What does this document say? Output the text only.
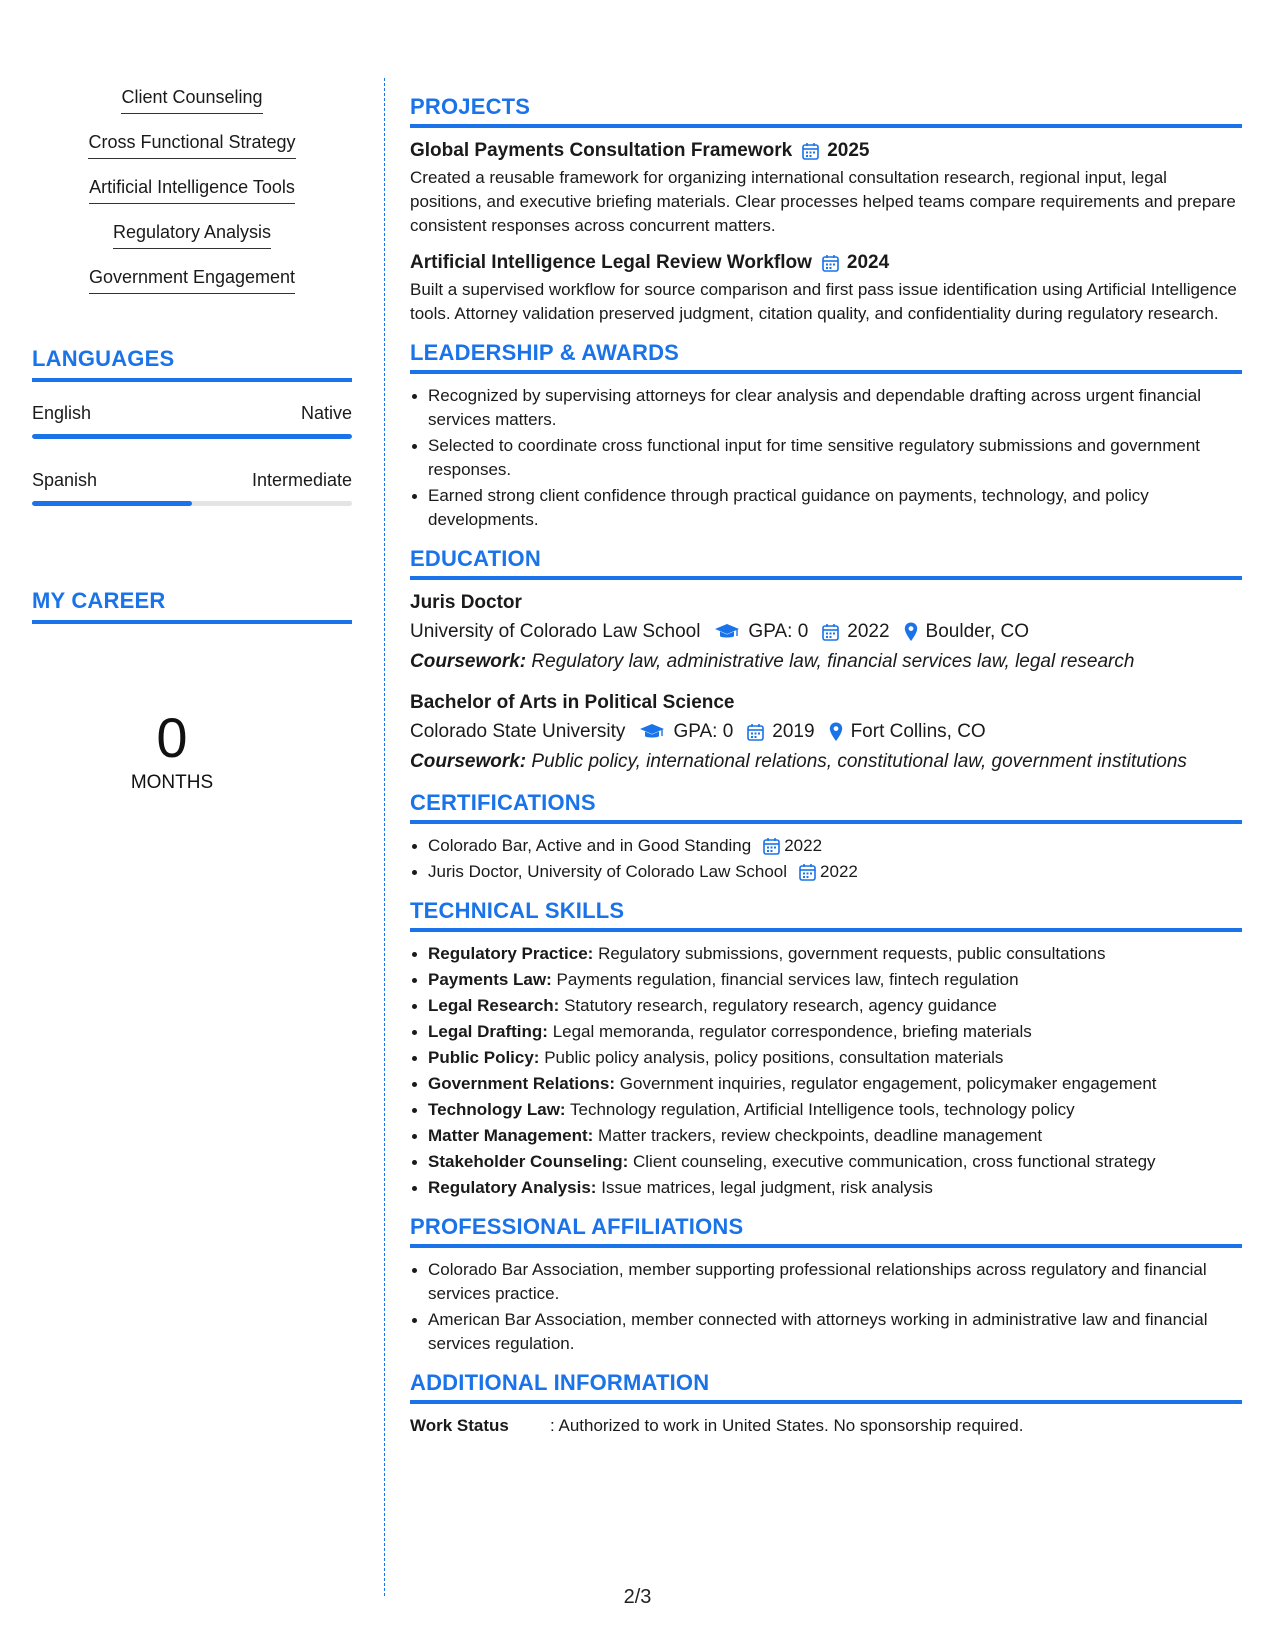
Client Counseling
Cross Functional Strategy
Artificial Intelligence Tools
Regulatory Analysis
Government Engagement
LANGUAGES
English	Native
Spanish	Intermediate
MY CAREER
0
MONTHS
PROJECTS
Global Payments Consultation Framework 2025
Created a reusable framework for organizing international consultation research, regional input, legal positions, and executive briefing materials. Clear processes helped teams compare requirements and prepare consistent responses across concurrent matters.
Artificial Intelligence Legal Review Workflow 2024
Built a supervised workflow for source comparison and first pass issue identification using Artificial Intelligence tools. Attorney validation preserved judgment, citation quality, and confidentiality during regulatory research.
LEADERSHIP & AWARDS
Recognized by supervising attorneys for clear analysis and dependable drafting across urgent financial services matters.
Selected to coordinate cross functional input for time sensitive regulatory submissions and government responses.
Earned strong client confidence through practical guidance on payments, technology, and policy developments.
EDUCATION
Juris Doctor
University of Colorado Law School	GPA: 0 2022 Boulder, CO
Coursework: Regulatory law, administrative law, financial services law, legal research
Bachelor of Arts in Political Science
Colorado State University	GPA: 0 2019 Fort Collins, CO
Coursework: Public policy, international relations, constitutional law, government institutions
CERTIFICATIONS
Colorado Bar, Active and in Good Standing 2022
Juris Doctor, University of Colorado Law School 2022
TECHNICAL SKILLS
Regulatory Practice: Regulatory submissions, government requests, public consultations
Payments Law: Payments regulation, financial services law, fintech regulation
Legal Research: Statutory research, regulatory research, agency guidance
Legal Drafting: Legal memoranda, regulator correspondence, briefing materials
Public Policy: Public policy analysis, policy positions, consultation materials
Government Relations: Government inquiries, regulator engagement, policymaker engagement
Technology Law: Technology regulation, Artificial Intelligence tools, technology policy
Matter Management: Matter trackers, review checkpoints, deadline management
Stakeholder Counseling: Client counseling, executive communication, cross functional strategy
Regulatory Analysis: Issue matrices, legal judgment, risk analysis
PROFESSIONAL AFFILIATIONS
Colorado Bar Association, member supporting professional relationships across regulatory and financial services practice.
American Bar Association, member connected with attorneys working in administrative law and financial services regulation.
ADDITIONAL INFORMATION
Work Status	: Authorized to work in United States. No sponsorship required.
2/3
